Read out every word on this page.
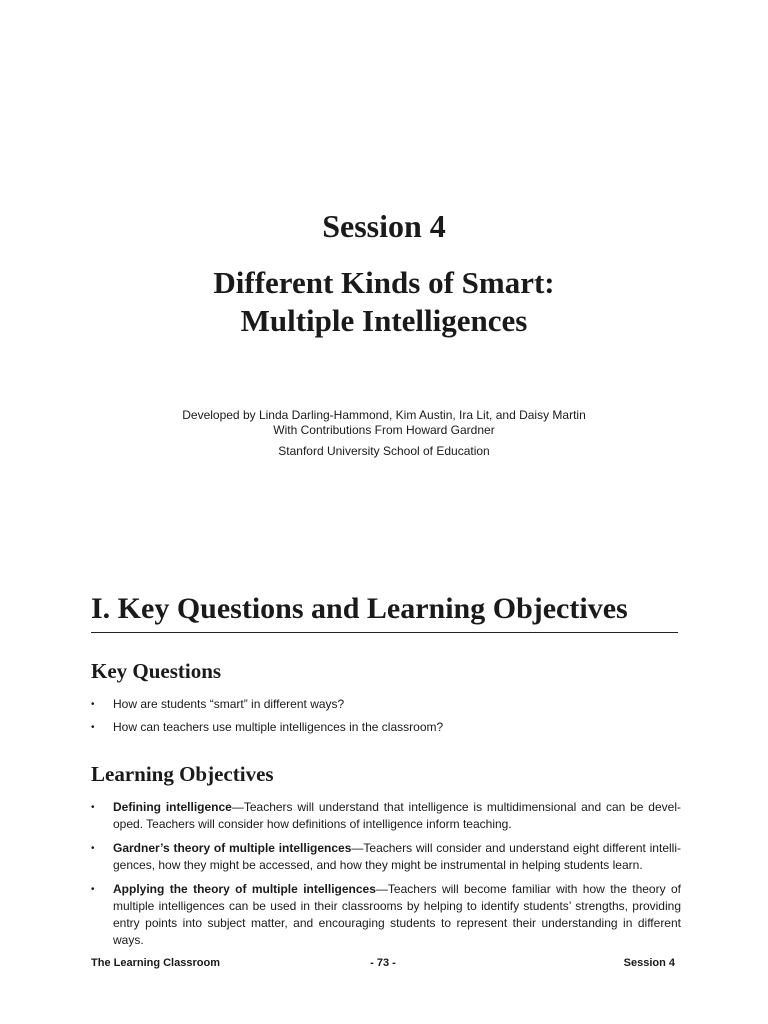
Session 4
Different Kinds of Smart:
Multiple Intelligences
Developed by Linda Darling-Hammond, Kim Austin, Ira Lit, and Daisy Martin
With Contributions From Howard Gardner
Stanford University School of Education
I. Key Questions and Learning Objectives
Key Questions
• How are students “smart” in different ways?
• How can teachers use multiple intelligences in the classroom?
Learning Objectives
• Defining intelligence—Teachers will understand that intelligence is multidimensional and can be developed. Teachers will consider how definitions of intelligence inform teaching.
• Gardner’s theory of multiple intelligences—Teachers will consider and understand eight different intelligences, how they might be accessed, and how they might be instrumental in helping students learn.
• Applying the theory of multiple intelligences—Teachers will become familiar with how the theory of multiple intelligences can be used in their classrooms by helping to identify students’ strengths, providing entry points into subject matter, and encouraging students to represent their understanding in different ways.
The Learning Classroom	- 73 -	Session 4
